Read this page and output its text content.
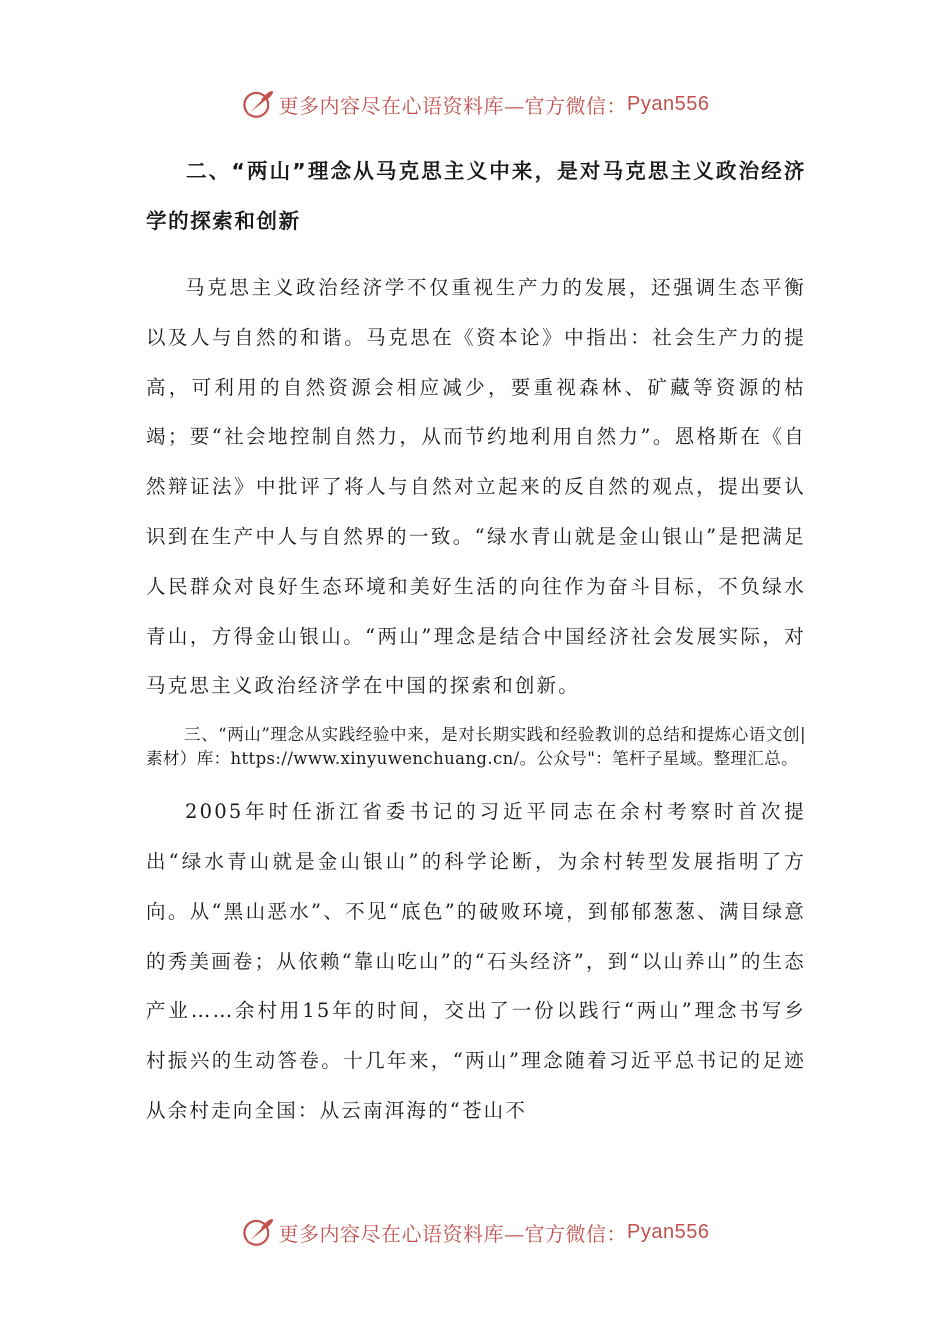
更多内容尽在心语资料库—官方微信： Pyan556

二、“两山”理念从马克思主义中来，是对马克思主义政治经济学的探索和创新

马克思主义政治经济学不仅重视生产力的发展，还强调生态平衡以及人与自然的和谐。马克思在《资本论》中指出：社会生产力的提高，可利用的自然资源会相应减少，要重视森林、矿藏等资源的枯竭；要“社会地控制自然力，从而节约地利用自然力”。恩格斯在《自然辩证法》中批评了将人与自然对立起来的反自然的观点，提出要认识到在生产中人与自然界的一致。“绿水青山就是金山银山”是把满足人民群众对良好生态环境和美好生活的向往作为奋斗目标，不负绿水青山，方得金山银山。“两山”理念是结合中国经济社会发展实际，对马克思主义政治经济学在中国的探索和创新。

三、“两山”理念从实践经验中来，是对长期实践和经验教训的总结和提炼心语文创|素材）库：https://www.xinyuwenchuang.cn/。公众号"：笔杆子星域。整理汇总。

2005年时任浙江省委书记的习近平同志在余村考察时首次提出“绿水青山就是金山银山”的科学论断，为余村转型发展指明了方向。从“黑山恶水”、不见“底色”的破败环境，到郁郁葱葱、满目绿意的秀美画卷；从依赖“靠山吃山”的“石头经济”，到“以山养山”的生态产业……余村用15年的时间，交出了一份以践行“两山”理念书写乡村振兴的生动答卷。十几年来，“两山”理念随着习近平总书记的足迹从余村走向全国：从云南洱海的“苍山不

更多内容尽在心语资料库—官方微信： Pyan556
